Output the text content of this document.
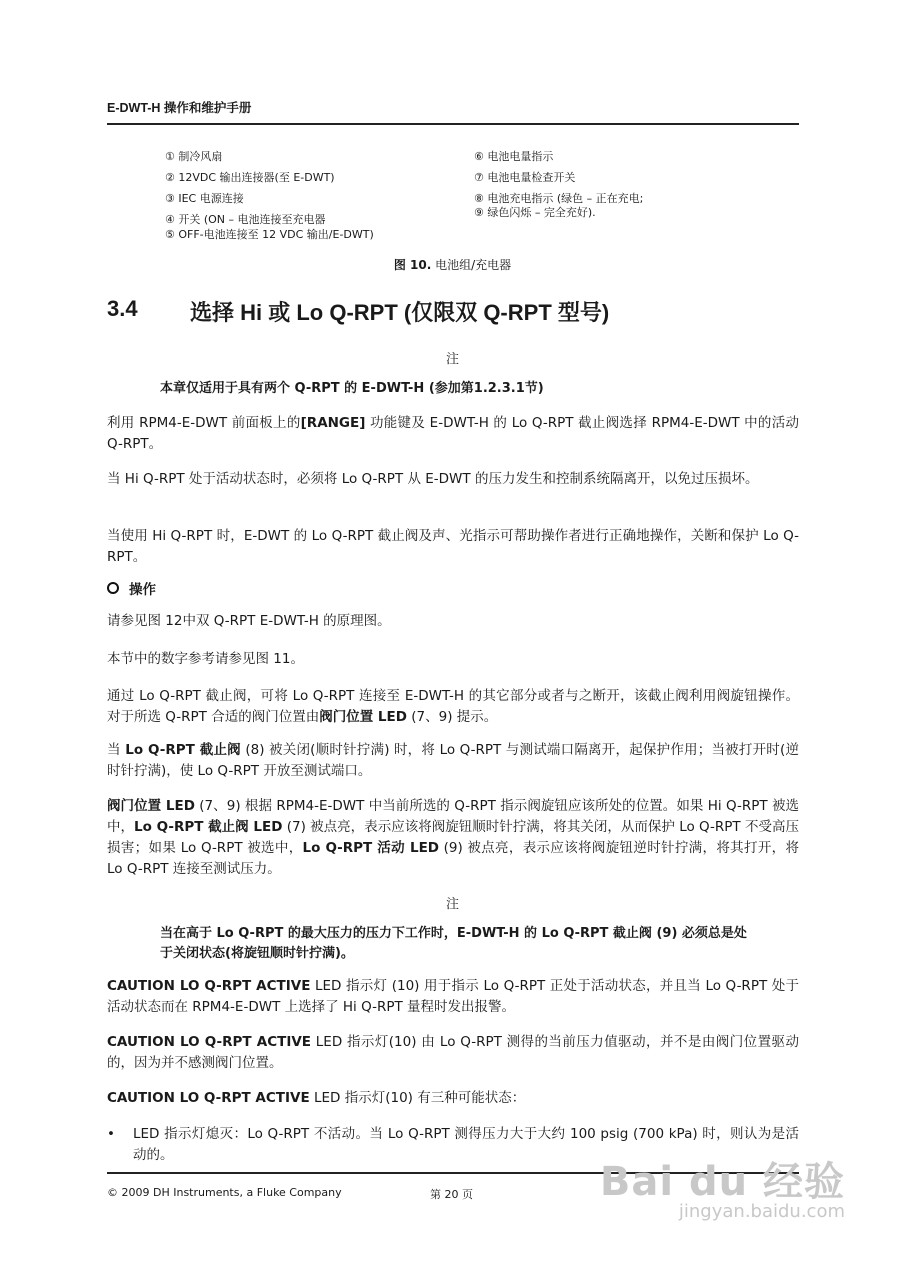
E-DWT-H 操作和维护手册
① 制冷风扇
② 12VDC 输出连接器(至 E-DWT)
③ IEC 电源连接
④ 开关 (ON – 电池连接至充电器
⑤ OFF-电池连接至 12 VDC 输出/E-DWT)
⑥ 电池电量指示
⑦ 电池电量检查开关
⑧ 电池充电指示 (绿色 – 正在充电;
⑨ 绿色闪烁 – 完全充好).
图 10. 电池组/充电器
3.4 选择 Hi 或 Lo Q-RPT (仅限双 Q-RPT 型号)
注
本章仅适用于具有两个 Q-RPT 的 E-DWT-H (参加第1.2.3.1节)
利用 RPM4-E-DWT 前面板上的[RANGE] 功能键及 E-DWT-H 的 Lo Q-RPT 截止阀选择 RPM4-E-DWT 中的活动 Q-RPT。
当 Hi Q-RPT 处于活动状态时，必须将 Lo Q-RPT 从 E-DWT 的压力发生和控制系统隔离开，以免过压损坏。
当使用 Hi Q-RPT 时，E-DWT 的 Lo Q-RPT 截止阀及声、光指示可帮助操作者进行正确地操作，关断和保护 Lo Q-RPT。
操作
请参见图 12中双 Q-RPT E-DWT-H 的原理图。
本节中的数字参考请参见图 11。
通过 Lo Q-RPT 截止阀，可将 Lo Q-RPT 连接至 E-DWT-H 的其它部分或者与之断开，该截止阀利用阀旋钮操作。对于所选 Q-RPT 合适的阀门位置由阀门位置 LED (7、9) 提示。
当 Lo Q-RPT 截止阀 (8) 被关闭(顺时针拧满) 时，将 Lo Q-RPT 与测试端口隔离开，起保护作用；当被打开时(逆时针拧满)，使 Lo Q-RPT 开放至测试端口。
阀门位置 LED (7、9) 根据 RPM4-E-DWT 中当前所选的 Q-RPT 指示阀旋钮应该所处的位置。如果 Hi Q-RPT 被选中，Lo Q-RPT 截止阀 LED (7) 被点亮，表示应该将阀旋钮顺时针拧满，将其关闭，从而保护 Lo Q-RPT 不受高压损害；如果 Lo Q-RPT 被选中，Lo Q-RPT 活动 LED (9) 被点亮，表示应该将阀旋钮逆时针拧满，将其打开，将 Lo Q-RPT 连接至测试压力。
注
当在高于 Lo Q-RPT 的最大压力的压力下工作时，E-DWT-H 的 Lo Q-RPT 截止阀 (9) 必须总是处于关闭状态(将旋钮顺时针拧满)。
CAUTION LO Q-RPT ACTIVE LED 指示灯 (10) 用于指示 Lo Q-RPT 正处于活动状态，并且当 Lo Q-RPT 处于活动状态而在 RPM4-E-DWT 上选择了 Hi Q-RPT 量程时发出报警。
CAUTION LO Q-RPT ACTIVE LED 指示灯(10) 由 Lo Q-RPT 测得的当前压力值驱动，并不是由阀门位置驱动的，因为并不感测阀门位置。
CAUTION LO Q-RPT ACTIVE LED 指示灯(10) 有三种可能状态：
•	LED 指示灯熄灭：Lo Q-RPT 不活动。当 Lo Q-RPT 测得压力大于大约 100 psig (700 kPa) 时，则认为是活动的。
© 2009 DH Instruments, a Fluke Company	第 20 页	Bai du 经验
jingyan.baidu.com
